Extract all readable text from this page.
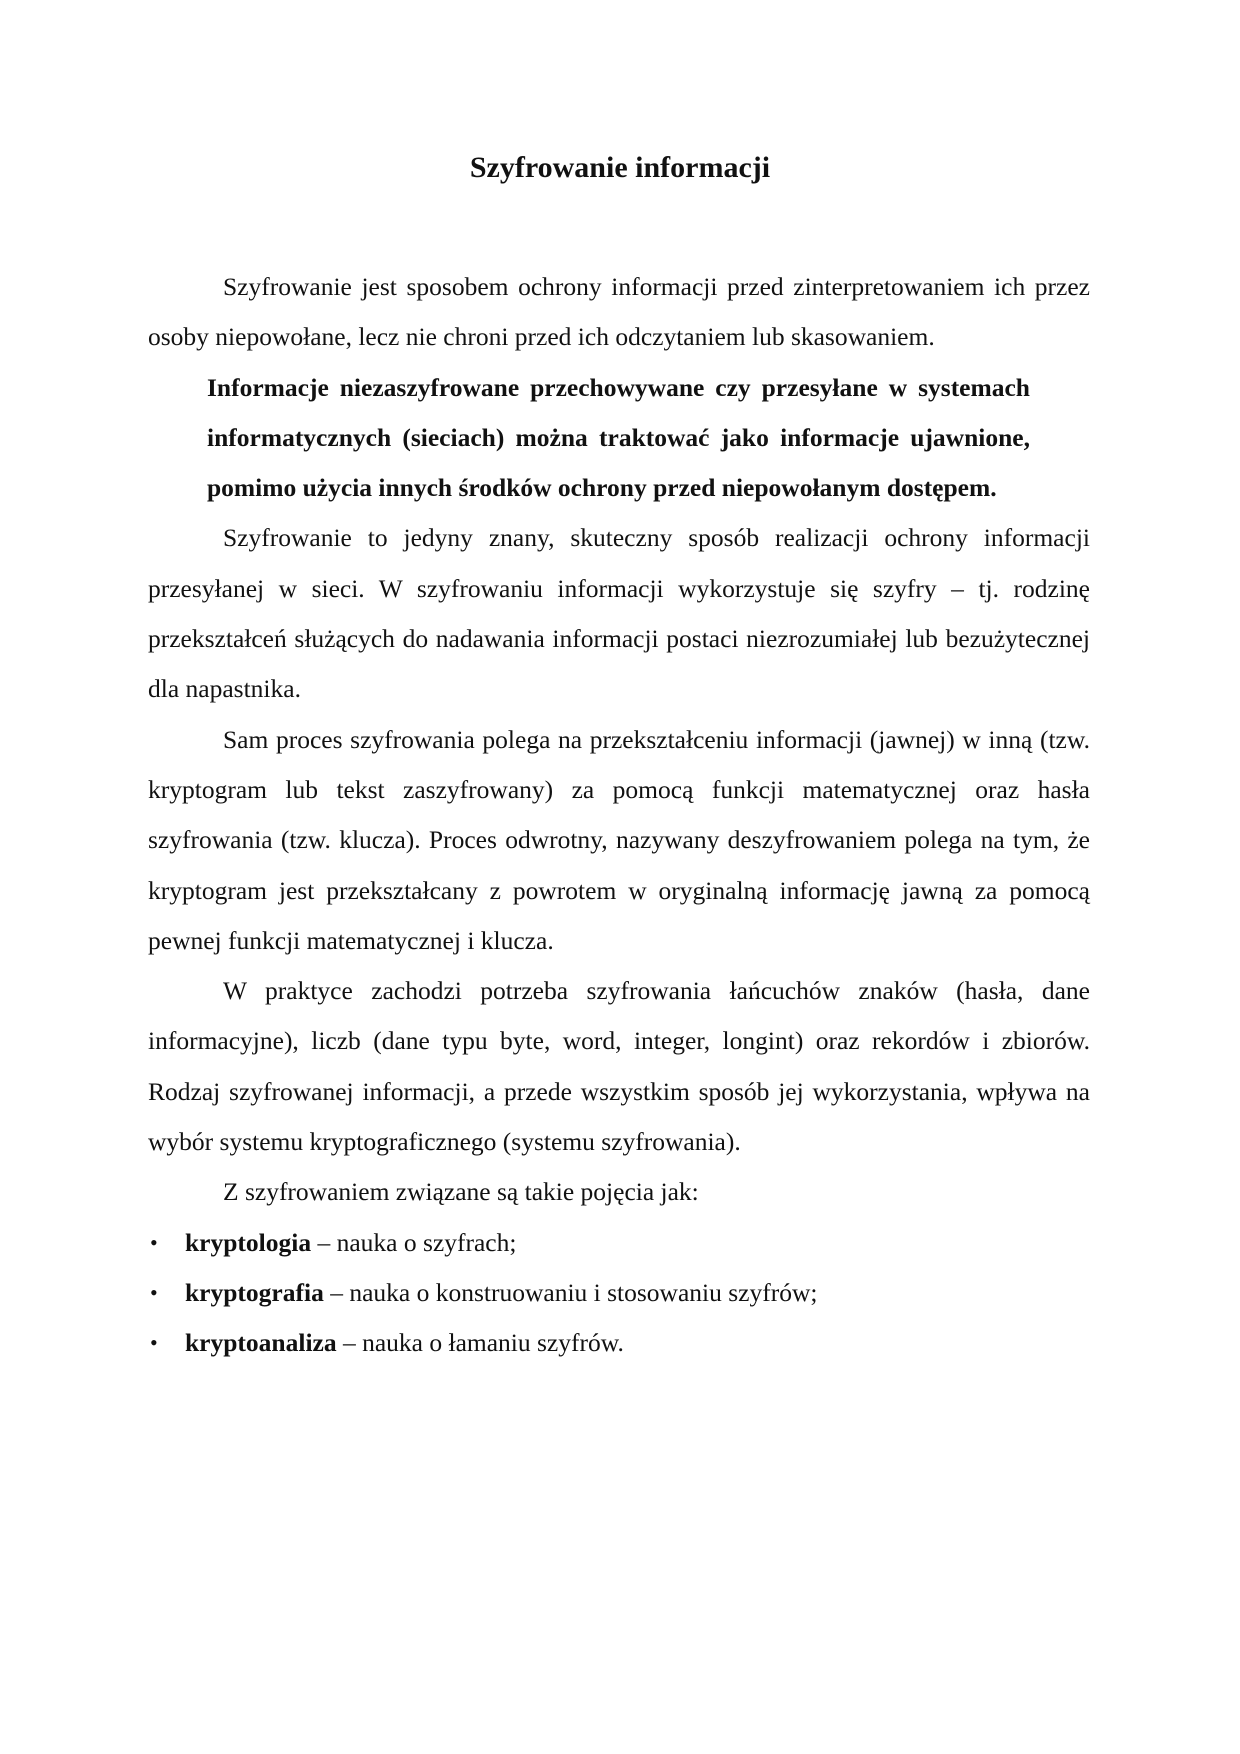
Szyfrowanie informacji

Szyfrowanie jest sposobem ochrony informacji przed zinterpretowaniem ich przez osoby niepowołane, lecz nie chroni przed ich odczytaniem lub skasowaniem.

Informacje niezaszyfrowane przechowywane czy przesyłane w systemach informatycznych (sieciach) można traktować jako informacje ujawnione, pomimo użycia innych środków ochrony przed niepowołanym dostępem.

Szyfrowanie to jedyny znany, skuteczny sposób realizacji ochrony informacji przesyłanej w sieci. W szyfrowaniu informacji wykorzystuje się szyfry – tj. rodzinę przekształceń służących do nadawania informacji postaci niezrozumiałej lub bezużytecznej dla napastnika.

Sam proces szyfrowania polega na przekształceniu informacji (jawnej) w inną (tzw. kryptogram lub tekst zaszyfrowany) za pomocą funkcji matematycznej oraz hasła szyfrowania (tzw. klucza). Proces odwrotny, nazywany deszyfrowaniem polega na tym, że kryptogram jest przekształcany z powrotem w oryginalną informację jawną za pomocą pewnej funkcji matematycznej i klucza.

W praktyce zachodzi potrzeba szyfrowania łańcuchów znaków (hasła, dane informacyjne), liczb (dane typu byte, word, integer, longint) oraz rekordów i zbiorów. Rodzaj szyfrowanej informacji, a przede wszystkim sposób jej wykorzystania, wpływa na wybór systemu kryptograficznego (systemu szyfrowania).

Z szyfrowaniem związane są takie pojęcia jak:

• kryptologia – nauka o szyfrach;
• kryptografia – nauka o konstruowaniu i stosowaniu szyfrów;
• kryptoanaliza – nauka o łamaniu szyfrów.
